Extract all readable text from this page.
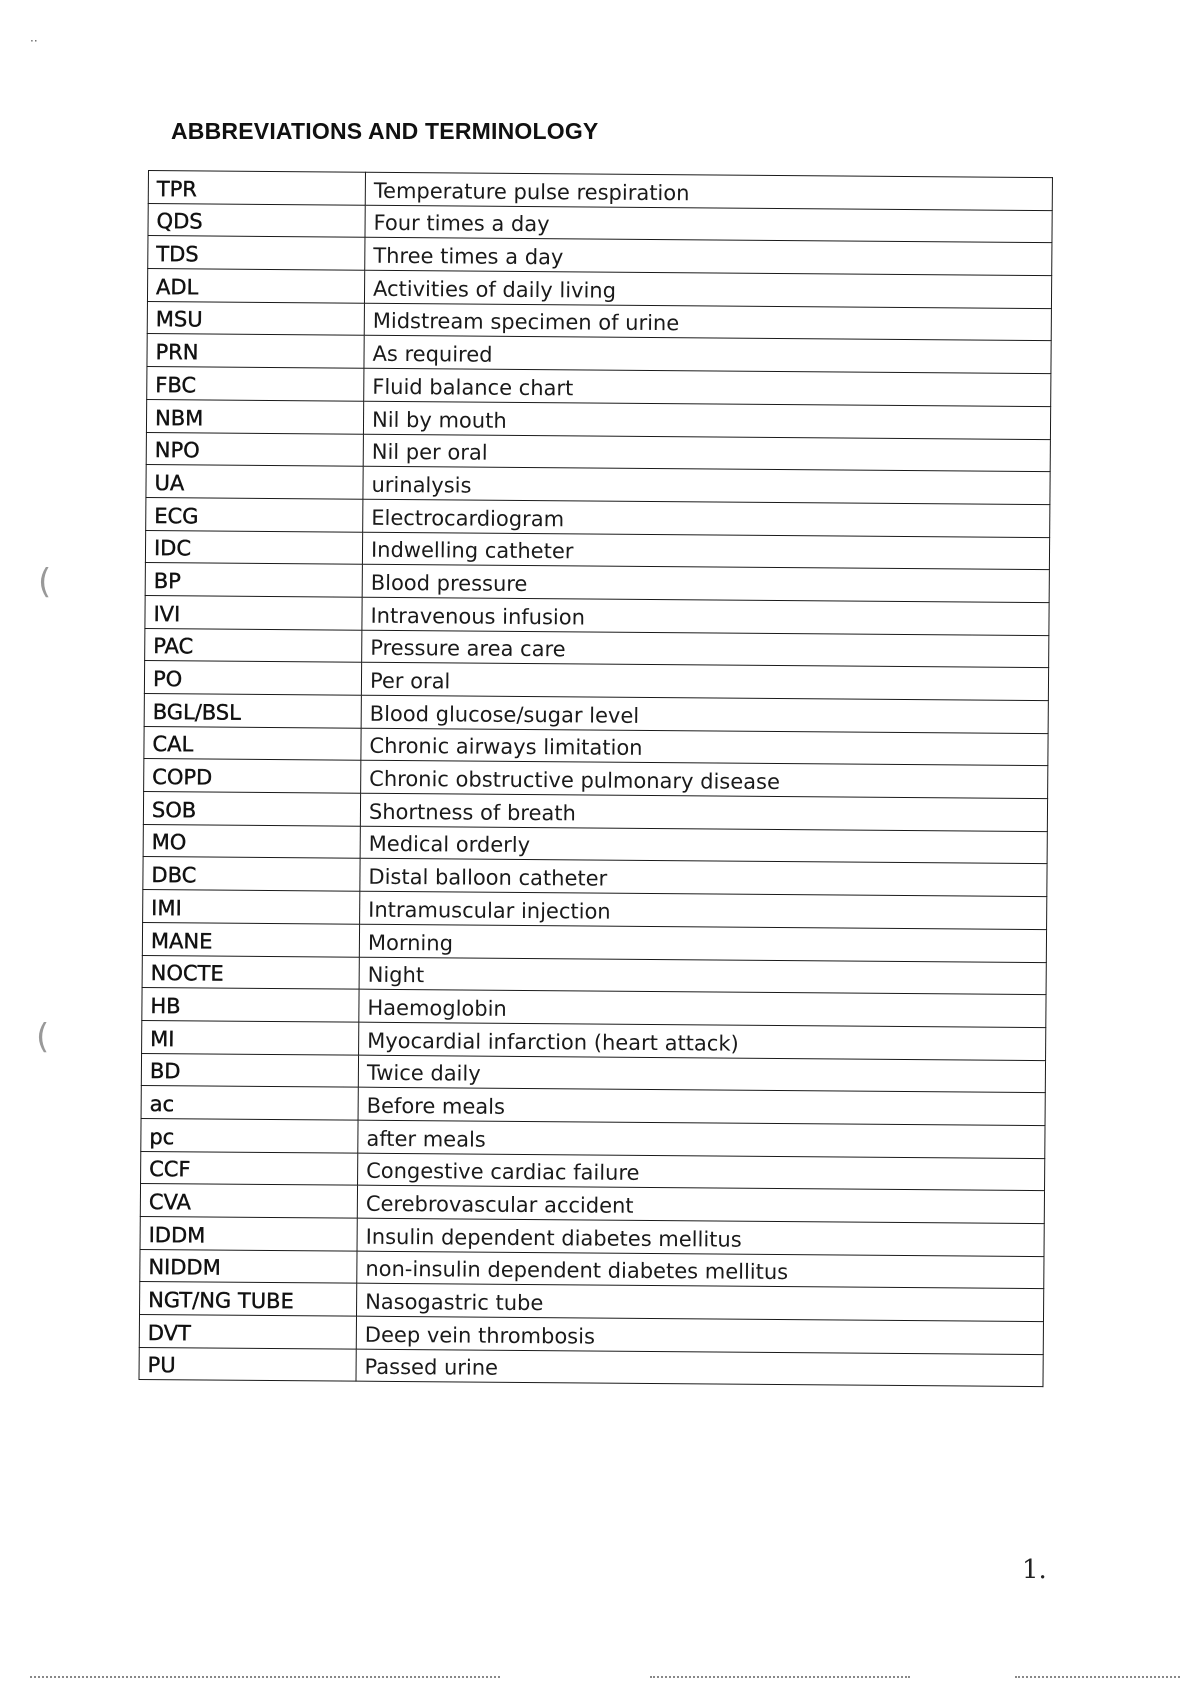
⋅⋅
(
(
ABBREVIATIONS AND TERMINOLOGY
TPR	Temperature pulse respiration
QDS	Four times a day
TDS	Three times a day
ADL	Activities of daily living
MSU	Midstream specimen of urine
PRN	As required
FBC	Fluid balance chart
NBM	Nil by mouth
NPO	Nil per oral
UA	urinalysis
ECG	Electrocardiogram
IDC	Indwelling catheter
BP	Blood pressure
IVI	Intravenous infusion
PAC	Pressure area care
PO	Per oral
BGL/BSL	Blood glucose/sugar level
CAL	Chronic airways limitation
COPD	Chronic obstructive pulmonary disease
SOB	Shortness of breath
MO	Medical orderly
DBC	Distal balloon catheter
IMI	Intramuscular injection
MANE	Morning
NOCTE	Night
HB	Haemoglobin
MI	Myocardial infarction (heart attack)
BD	Twice daily
ac	Before meals
pc	after meals
CCF	Congestive cardiac failure
CVA	Cerebrovascular accident
IDDM	Insulin dependent diabetes mellitus
NIDDM	non-insulin dependent diabetes mellitus
NGT/NG TUBE	Nasogastric tube
DVT	Deep vein thrombosis
PU	Passed urine
1.
